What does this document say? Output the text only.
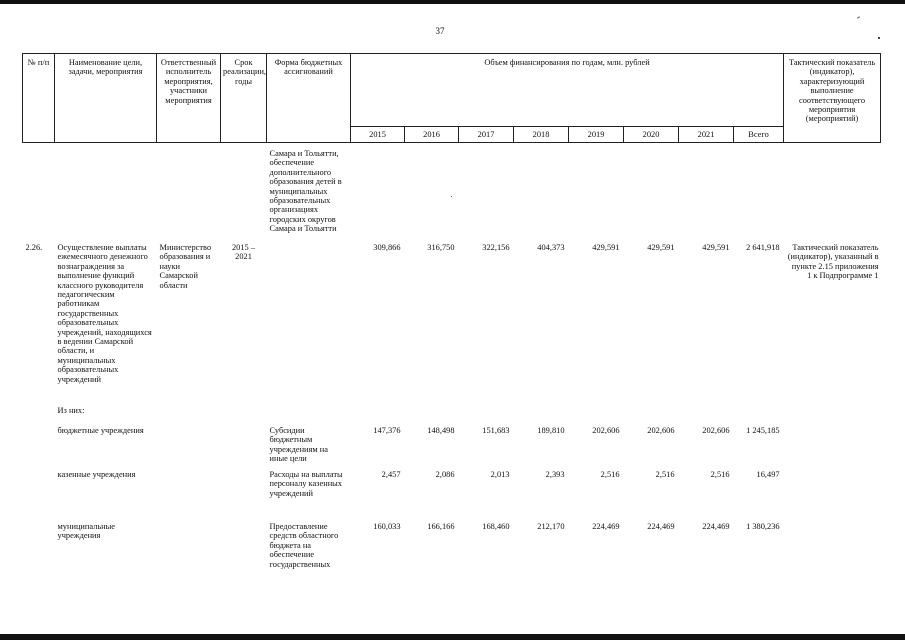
37
№ п/п	Наименование цели, задачи, мероприятия	Ответственный исполнитель мероприятия, участники мероприятия	Срок реализации, годы	Форма бюджетных ассигнований	Объем финансирования по годам, млн. рублей								Тактический показатель (индикатор), характеризующий выполнение соответствующего мероприятия (мероприятий)
					2015	2016	2017	2018	2019	2020	2021	Всего	
				Самара и Тольятти, обеспечение дополнительного образования детей в муниципальных образовательных организациях городских округов Самара и Тольятти									
2.26.	Осуществление выплаты ежемесячного денежного вознаграждения за выполнение функций классного руководителя педагогическим работникам государственных образовательных учреждений, находящихся в ведении Самарской области, и муниципальных образовательных учреждений	Министерство образования и науки Самарской области	2015 – 2021		309,866	316,750	322,156	404,373	429,591	429,591	429,591	2 641,918	Тактический показатель (индикатор), указанный в пункте 2.15 приложения 1 к Подпрограмме 1
	Из них:												
	бюджетные учреждения			Субсидии бюджетным учреждениям на иные цели	147,376	148,498	151,683	189,810	202,606	202,606	202,606	1 245,185	
	казенные учреждения			Расходы на выплаты персоналу казенных учреждений	2,457	2,086	2,013	2,393	2,516	2,516	2,516	16,497	
	муниципальные учреждения			Предоставление средств областного бюджета на обеспечение государственных	160,033	166,166	168,460	212,170	224,469	224,469	224,469	1 380,236	
